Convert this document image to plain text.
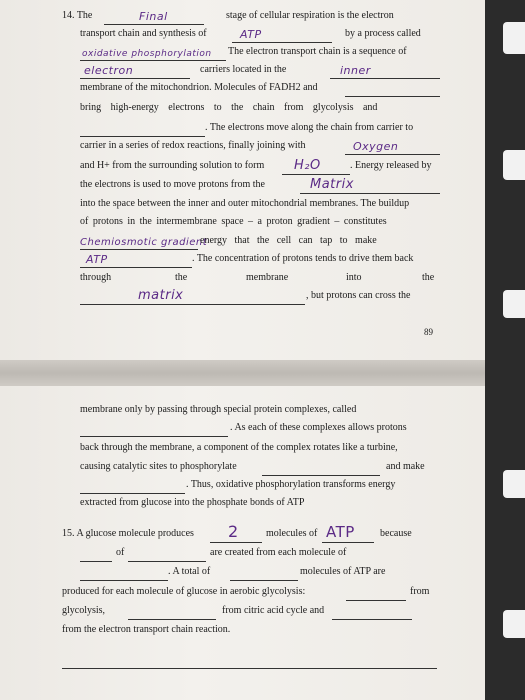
14. The	Final	stage of cellular respiration is the electron
transport chain and synthesis of	ATP	by a process called
oxidative phosphorylation The electron transport chain is a sequence of
electron	carriers located in the	inner
membrane of the mitochondrion. Molecules of FADH2 and
bring high-energy electrons to the chain from glycolysis and
. The electrons move along the chain from carrier to
carrier in a series of redox reactions, finally joining with	Oxygen
and H+ from the surrounding solution to form H₂O	. Energy released by
the electrons is used to move protons from the	Matrix
into the space between the inner and outer mitochondrial membranes. The buildup
of protons in the intermembrane space – a proton gradient – constitutes
Chemiosmotic gradient
energy that the cell can tap to make
ATP	. The concentration of protons tends to drive them back
through	the	membrane	into	the
matrix	, but protons can cross the
89
membrane only by passing through special protein complexes, called
. As each of these complexes allows protons
back through the membrane, a component of the complex rotates like a turbine,
causing catalytic sites to phosphorylate	and make
. Thus, oxidative phosphorylation transforms energy
extracted from glucose into the phosphate bonds of ATP
15. A glucose molecule produces 2	molecules of ATP	because
of	are created from each molecule of
. A total of	molecules of ATP are
produced for each molecule of glucose in aerobic glycolysis:	from
glycolysis,	from citric acid cycle and
from the electron transport chain reaction.
